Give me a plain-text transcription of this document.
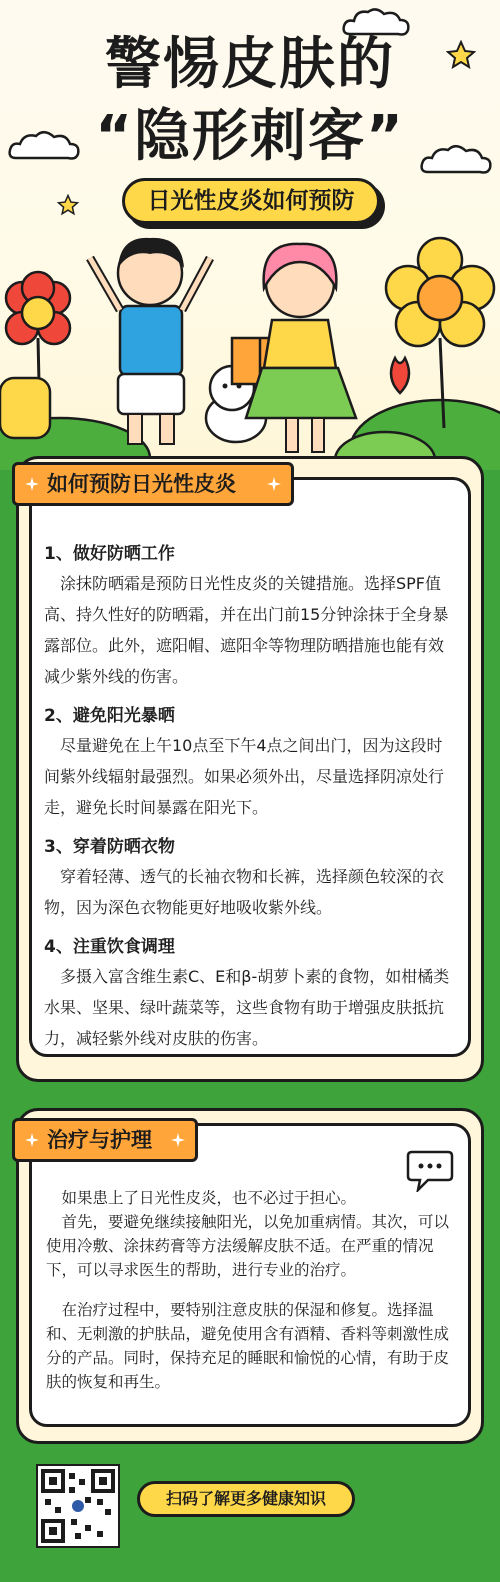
警惕皮肤的
“隐形刺客”
日光性皮炎如何预防
1、做好防晒工作
涂抹防晒霜是预防日光性皮炎的关键措施。选择SPF值高、持久性好的防晒霜，并在出门前15分钟涂抹于全身暴露部位。此外，遮阳帽、遮阳伞等物理防晒措施也能有效减少紫外线的伤害。
2、避免阳光暴晒
尽量避免在上午10点至下午4点之间出门，因为这段时间紫外线辐射最强烈。如果必须外出，尽量选择阴凉处行走，避免长时间暴露在阳光下。
3、穿着防晒衣物
穿着轻薄、透气的长袖衣物和长裤，选择颜色较深的衣物，因为深色衣物能更好地吸收紫外线。
4、注重饮食调理
多摄入富含维生素C、E和β-胡萝卜素的食物，如柑橘类水果、坚果、绿叶蔬菜等，这些食物有助于增强皮肤抵抗力，减轻紫外线对皮肤的伤害。
如何预防日光性皮炎
如果患上了日光性皮炎，也不必过于担心。
首先，要避免继续接触阳光，以免加重病情。其次，可以使用冷敷、涂抹药膏等方法缓解皮肤不适。在严重的情况下，可以寻求医生的帮助，进行专业的治疗。
在治疗过程中，要特别注意皮肤的保湿和修复。选择温和、无刺激的护肤品，避免使用含有酒精、香料等刺激性成分的产品。同时，保持充足的睡眠和愉悦的心情，有助于皮肤的恢复和再生。
治疗与护理
扫码了解更多健康知识
